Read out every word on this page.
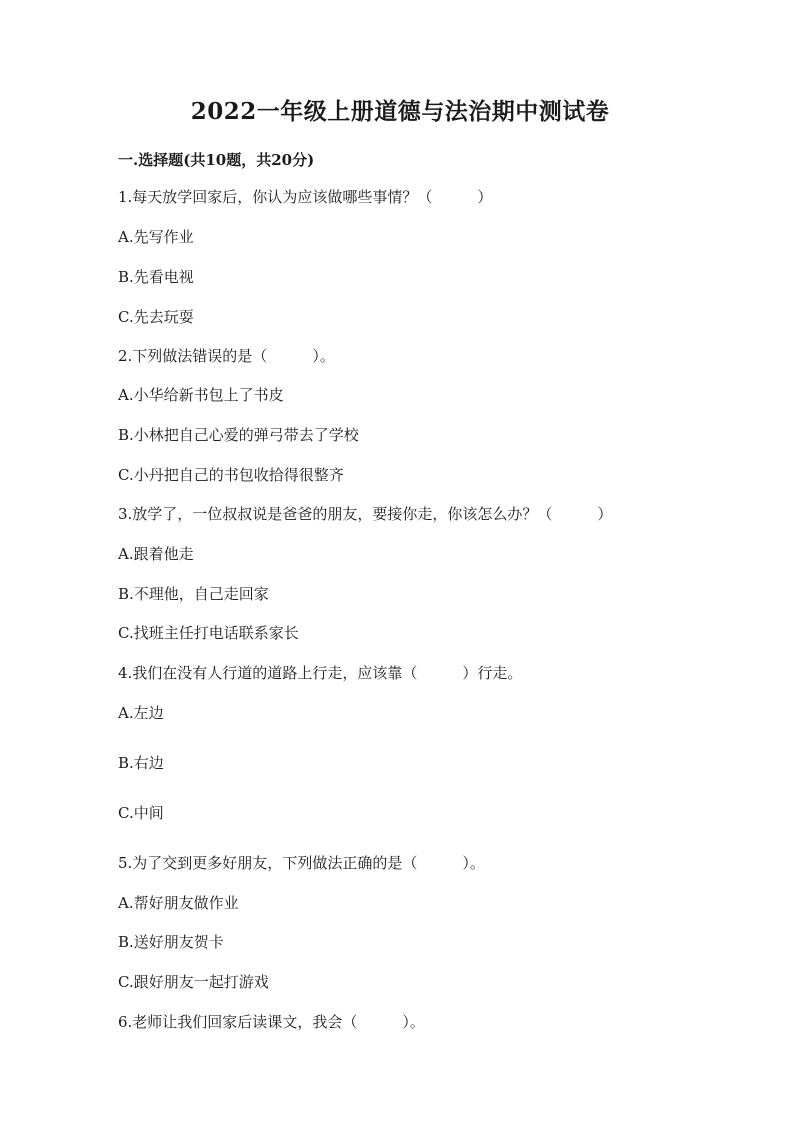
2022一年级上册道德与法治期中测试卷
一.选择题(共10题，共20分)
1.每天放学回家后，你认为应该做哪些事情？（　　　）
A.先写作业
B.先看电视
C.先去玩耍
2.下列做法错误的是（　　　）。
A.小华给新书包上了书皮
B.小林把自己心爱的弹弓带去了学校
C.小丹把自己的书包收拾得很整齐
3.放学了，一位叔叔说是爸爸的朋友，要接你走，你该怎么办？（　　　）
A.跟着他走
B.不理他，自己走回家
C.找班主任打电话联系家长
4.我们在没有人行道的道路上行走，应该靠（　　　）行走。
A.左边
B.右边
C.中间
5.为了交到更多好朋友，下列做法正确的是（　　　）。
A.帮好朋友做作业
B.送好朋友贺卡
C.跟好朋友一起打游戏
6.老师让我们回家后读课文，我会（　　　）。
